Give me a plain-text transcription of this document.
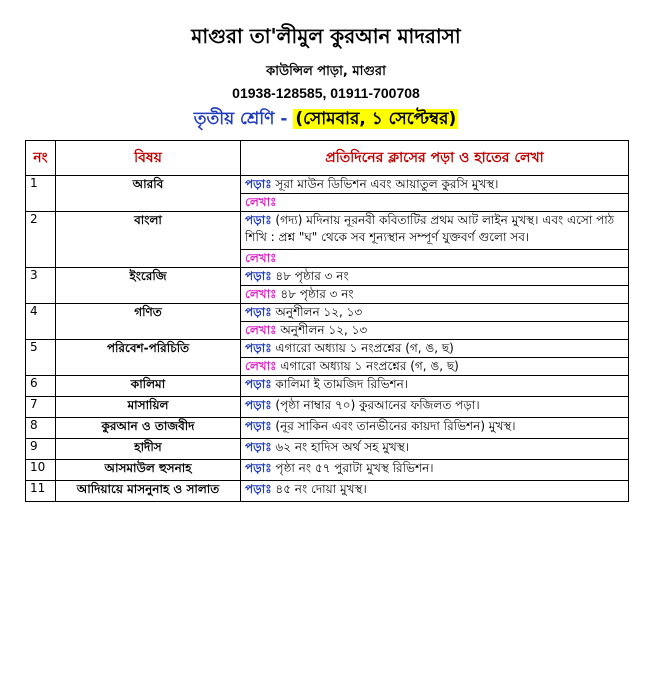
মাগুরা তা'লীমুল কুরআন মাদরাসা
কাউন্সিল পাড়া, মাগুরা
01938-128585, 01911-700708
তৃতীয় শ্রেণি - (সোমবার, ১ সেপ্টেম্বর)
নং	বিষয়	প্রতিদিনের ক্লাসের পড়া ও হাতের লেখা
1	আরবি	পড়াঃ সূরা মাউন ডিভিশন এবং আয়াতুল কুরসি মুখস্থ।
		লেখাঃ
2	বাংলা	পড়াঃ (গদ্য) মদিনায় নূরনবী কবিতাটির প্রথম আট লাইন মুখস্থ। এবং এসো পাঠ শিখি : প্রশ্ন "ঘ" থেকে সব শূন্যস্থান সম্পূর্ণ যুক্তবর্ণ গুলো সব।
		লেখাঃ
3	ইংরেজি	পড়াঃ ৪৮ পৃষ্ঠার ৩ নং
		লেখাঃ ৪৮ পৃষ্ঠার ৩ নং
4	গণিত	পড়াঃ অনুশীলন ১২, ১৩
		লেখাঃ অনুশীলন ১২, ১৩
5	পরিবেশ-পরিচিতি	পড়াঃ এগারো অধ্যায় ১ নংপ্রশ্নের (গ, ঙ, ছ)
		লেখাঃ এগারো অধ্যায় ১ নংপ্রশ্নের (গ, ঙ, ছ)
6	কালিমা	পড়াঃ কালিমা ই তামজিদ রিভিশন।
7	মাসায়িল	পড়াঃ (পৃষ্ঠা নাম্বার ৭০) কুরআনের ফজিলত পড়া।
8	কুরআন ও তাজবীদ	পড়াঃ (নূর সাকিন এবং তানভীনের কায়দা রিভিশন) মুখস্থ।
9	হাদীস	পড়াঃ ৬২ নং হাদিস অর্থ সহ মুখস্থ।
10	আসমাউল হুসনাহ	পড়াঃ পৃষ্ঠা নং ৫৭ পুরাটা মুখস্থ রিভিশন।
11	আদিয়ায়ে মাসনুনাহ ও সালাত	পড়াঃ ৪৫ নং দোয়া মুখস্থ।
